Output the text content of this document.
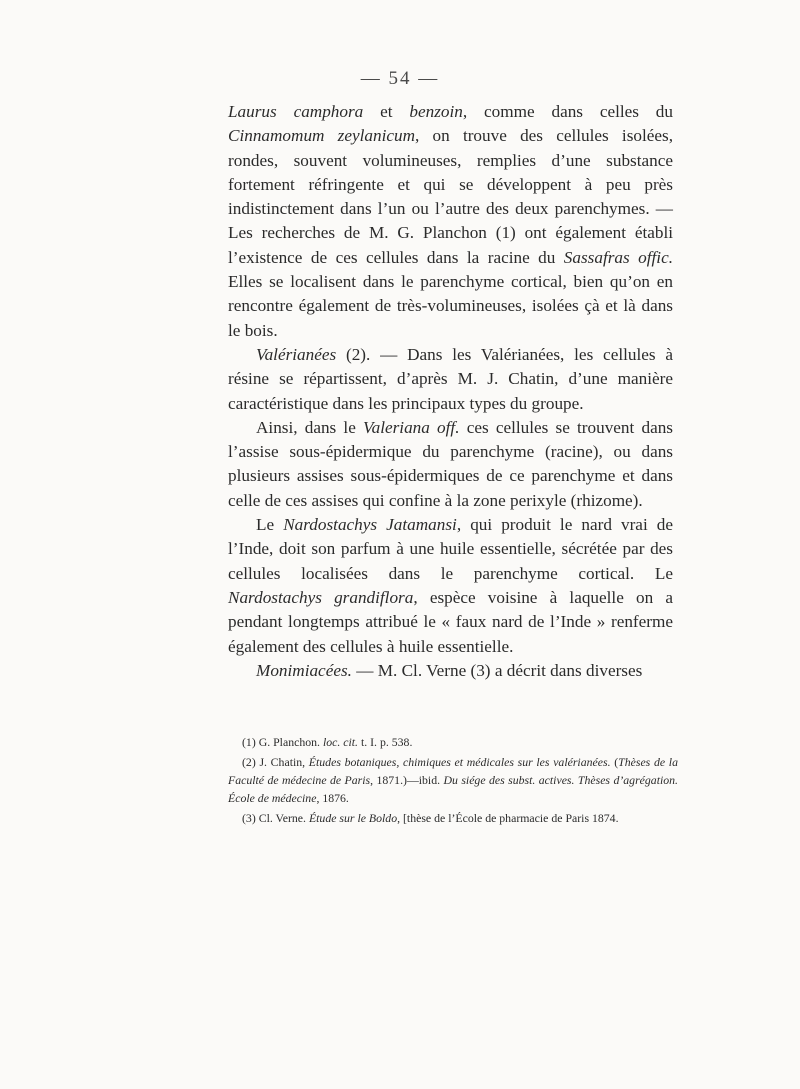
— 54 —

Laurus camphora et benzoin, comme dans celles du Cinnamomum zeylanicum, on trouve des cellules isolées, rondes, souvent volumineuses, remplies d’une substance fortement réfringente et qui se développent à peu près indistinctement dans l’un ou l’autre des deux parenchymes. — Les recherches de M. G. Planchon (1) ont également établi l’existence de ces cellules dans la racine du Sassafras offic. Elles se localisent dans le parenchyme cortical, bien qu’on en rencontre également de très-volumineuses, isolées çà et là dans le bois.

Valérianées (2). — Dans les Valérianées, les cellules à résine se répartissent, d’après M. J. Chatin, d’une manière caractéristique dans les principaux types du groupe.

Ainsi, dans le Valeriana off. ces cellules se trouvent dans l’assise sous-épidermique du parenchyme (racine), ou dans plusieurs assises sous-épidermiques de ce parenchyme et dans celle de ces assises qui confine à la zone perixyle (rhizome).

Le Nardostachys Jatamansi, qui produit le nard vrai de l’Inde, doit son parfum à une huile essentielle, sécrétée par des cellules localisées dans le parenchyme cortical. Le Nardostachys grandiflora, espèce voisine à laquelle on a pendant longtemps attribué le « faux nard de l’Inde » renferme également des cellules à huile essentielle.

Monimiacées. — M. Cl. Verne (3) a décrit dans diverses

(1) G. Planchon. loc. cit. t. I. p. 538.

(2) J. Chatin, Études botaniques, chimiques et médicales sur les valérianées. (Thèses de la Faculté de médecine de Paris, 1871.)—ibid. Du siége des subst. actives. Thèses d’agrégation. École de médecine, 1876.

(3) Cl. Verne. Étude sur le Boldo, [thèse de l’École de pharmacie de Paris 1874.
